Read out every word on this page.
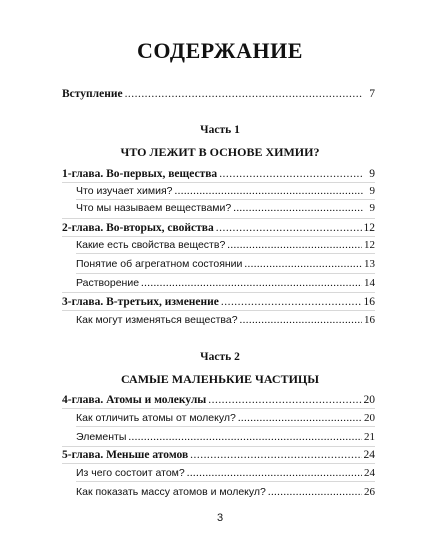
СОДЕРЖАНИЕ
Вступление . . .	7
Часть 1
ЧТО ЛЕЖИТ В ОСНОВЕ ХИМИИ?
1-глава. Во-первых, вещества . . .	9
Что изучает химия? . . .	9
Что мы называем веществами? . . .	9
2-глава. Во-вторых, свойства . . .	12
Какие есть свойства веществ? . . .	12
Понятие об агрегатном состоянии . . .	13
Растворение . . .	14
3-глава. В-третьих, изменение . . .	16
Как могут изменяться вещества? . . .	16
Часть 2
САМЫЕ МАЛЕНЬКИЕ ЧАСТИЦЫ
4-глава. Атомы и молекулы . . .	20
Как отличить атомы от молекул? . . .	20
Элементы . . .	21
5-глава. Меньше атомов . . .	24
Из чего состоит атом? . . .	24
Как показать массу атомов и молекул? . . .	26
3
